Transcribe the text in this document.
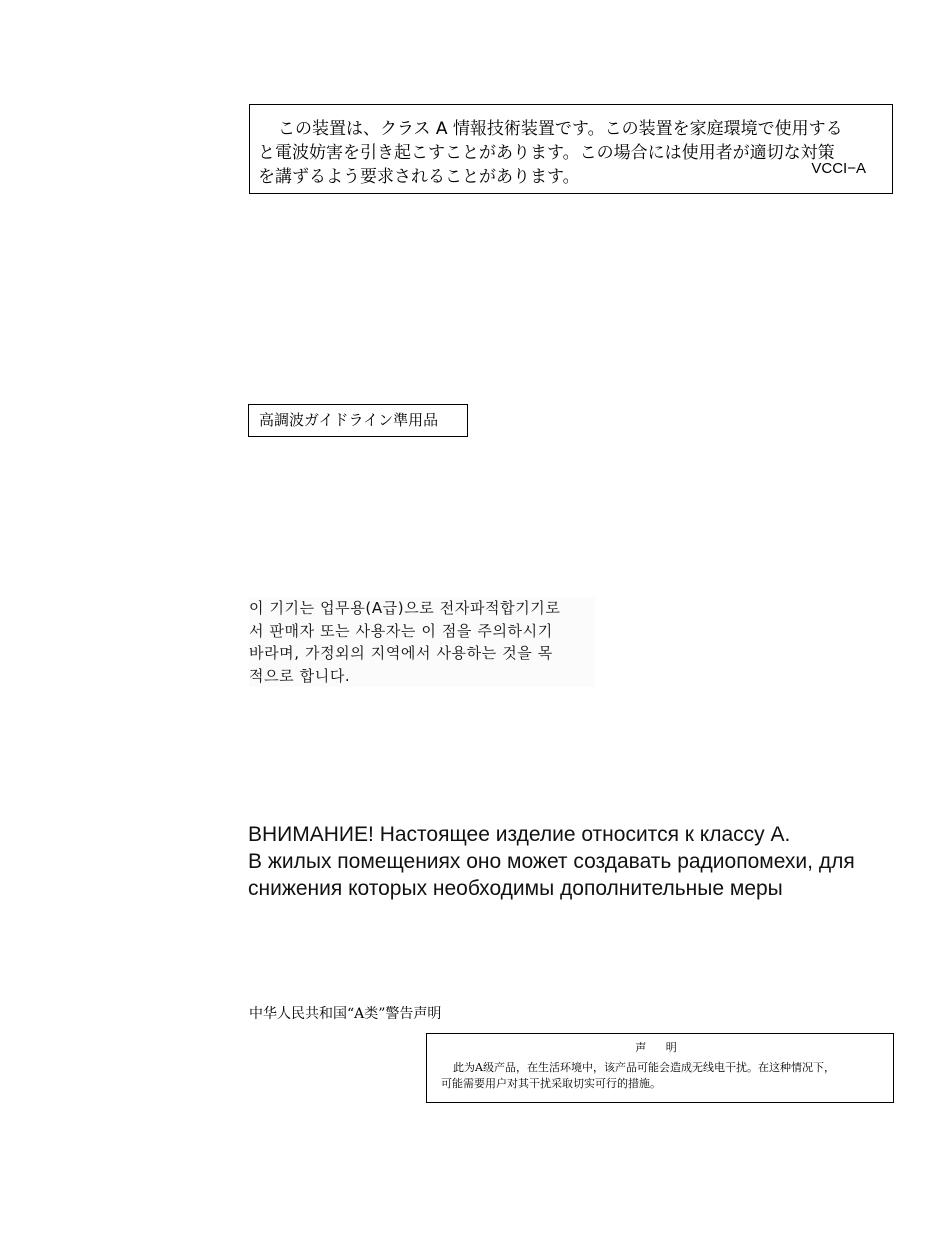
この装置は、クラス A 情報技術装置です。この装置を家庭環境で使用する
と電波妨害を引き起こすことがあります。この場合には使用者が適切な対策
を講ずるよう要求されることがあります。	VCCI−A
高調波ガイドライン準用品
이 기기는 업무용(A급)으로 전자파적합기기로
서 판매자 또는 사용자는 이 점을 주의하시기
바라며, 가정외의 지역에서 사용하는 것을 목
적으로 합니다.
ВНИМАНИЕ! Настоящее изделие относится к классу А.
В жилых помещениях оно может создавать радиопомехи, для
снижения которых необходимы дополнительные меры
中华人民共和国“A类”警告声明
声 明
此为A级产品，在生活环境中，该产品可能会造成无线电干扰。在这种情况下，
可能需要用户对其干扰采取切实可行的措施。
